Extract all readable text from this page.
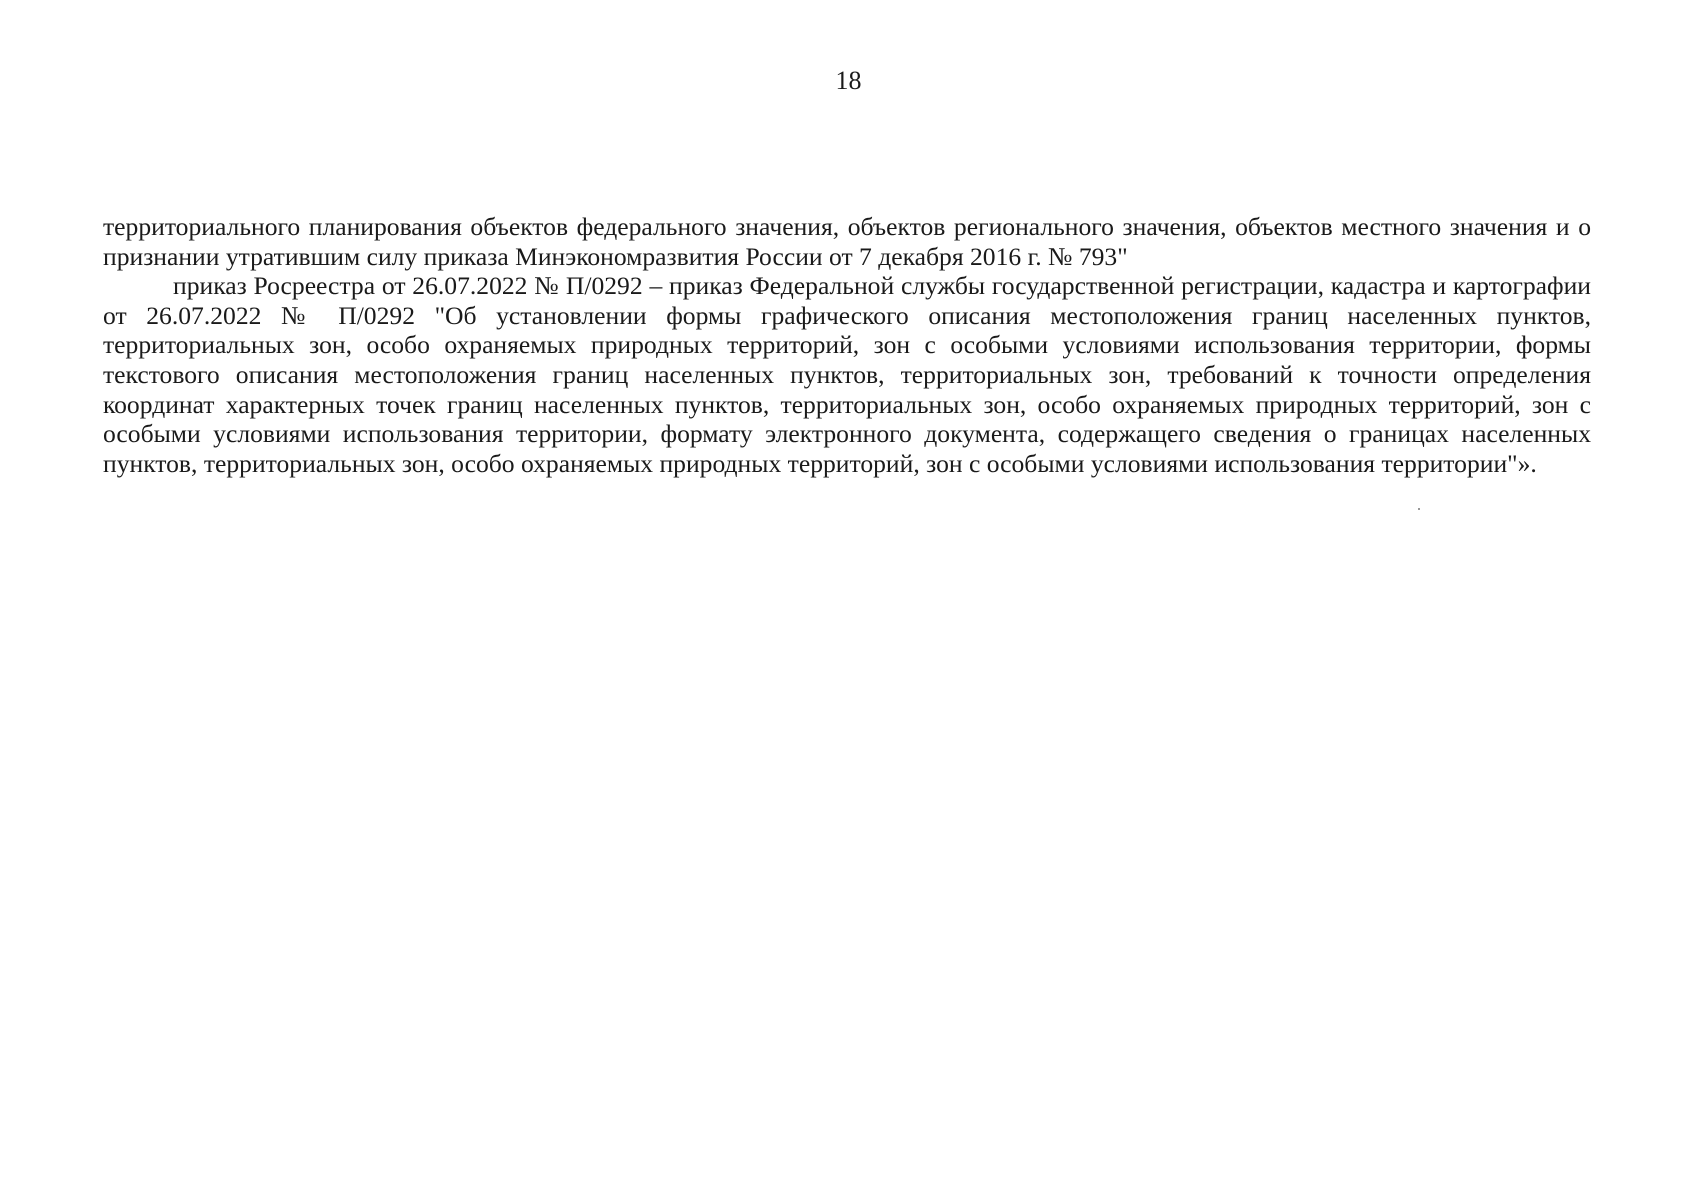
18

территориального планирования объектов федерального значения, объектов регионального значения, объектов местного значения и о признании утратившим силу приказа Минэкономразвития России от 7 декабря 2016 г. № 793"

приказ Росреестра от 26.07.2022 № П/0292 – приказ Федеральной службы государственной регистрации, кадастра и картографии от 26.07.2022 № П/0292 "Об установлении формы графического описания местоположения границ населенных пунктов, территориальных зон, особо охраняемых природных территорий, зон с особыми условиями использования территории, формы текстового описания местоположения границ населенных пунктов, территориальных зон, требований к точности определения координат характерных точек границ населенных пунктов, территориальных зон, особо охраняемых природных территорий, зон с особыми условиями использования территории, формату электронного документа, содержащего сведения о границах населенных пунктов, территориальных зон, особо охраняемых природных территорий, зон с особыми условиями использования территории"».
